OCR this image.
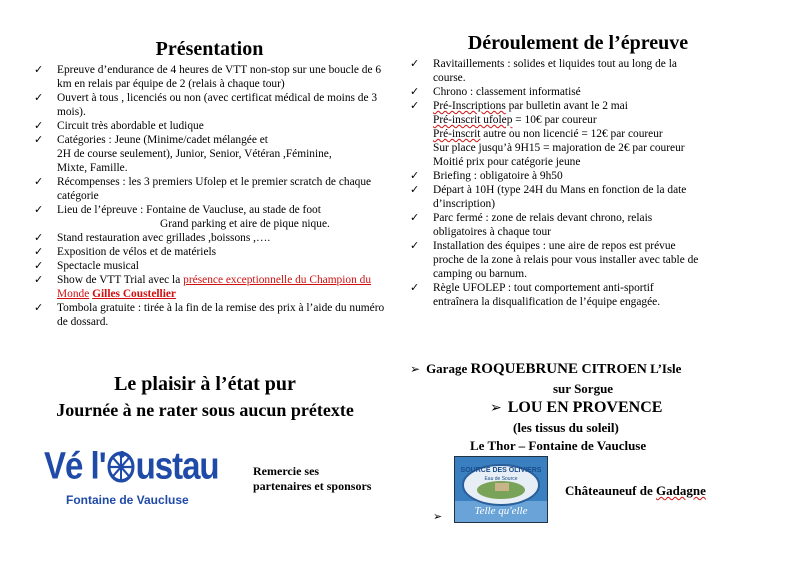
Présentation
✓ Epreuve d’endurance de 4 heures de VTT non-stop sur une boucle de 6 km en relais par équipe de 2 (relais à chaque tour)
✓ Ouvert à tous , licenciés ou non (avec certificat médical de moins de 3 mois).
✓ Circuit très abordable et ludique
✓ Catégories : Jeune (Minime/cadet mélangée et
2H de course seulement), Junior, Senior, Vétéran ,Féminine,
Mixte, Famille.
✓ Récompenses : les 3 premiers Ufolep et le premier scratch de chaque catégorie
✓ Lieu de l’épreuve : Fontaine de Vaucluse, au stade de foot
Grand parking et aire de pique nique.
✓ Stand restauration avec grillades ,boissons ,….
✓ Exposition de vélos et de matériels
✓ Spectacle musical
✓ Show de VTT Trial avec la présence exceptionnelle du Champion du Monde Gilles Coustellier
✓ Tombola gratuite : tirée à la fin de la remise des prix à l’aide du numéro de dossard.
Le plaisir à l’état pur
Journée à ne rater sous aucun prétexte
Vé l' ustau
Fontaine de Vaucluse
Remercie ses
partenaires et sponsors
Déroulement de l’épreuve
✓ Ravitaillements : solides et liquides tout au long de la
course.
✓ Chrono : classement informatisé
✓ Pré-Inscriptions par bulletin avant le 2 mai
Pré-inscrit ufolep = 10€ par coureur
Pré-inscrit autre ou non licencié = 12€ par coureur
Sur place jusqu’à 9H15 = majoration de 2€ par coureur
Moitié prix pour catégorie jeune
✓ Briefing : obligatoire à 9h50
✓ Départ à 10H (type 24H du Mans en fonction de la date
d’inscription)
✓ Parc fermé : zone de relais devant chrono, relais
obligatoires à chaque tour
✓ Installation des équipes : une aire de repos est prévue
proche de la zone à relais pour vous installer avec table de
camping ou barnum.
✓ Règle UFOLEP : tout comportement anti-sportif
entraînera la disqualification de l’équipe engagée.
➢ Garage ROQUEBRUNE CITROEN L’Isle
sur Sorgue
➢ LOU EN PROVENCE
(les tissus du soleil)
Le Thor – Fontaine de Vaucluse
SOURCE DES OLIVIERS
Eau de Source
Telle qu'elle
Châteauneuf de Gadagne
➢
